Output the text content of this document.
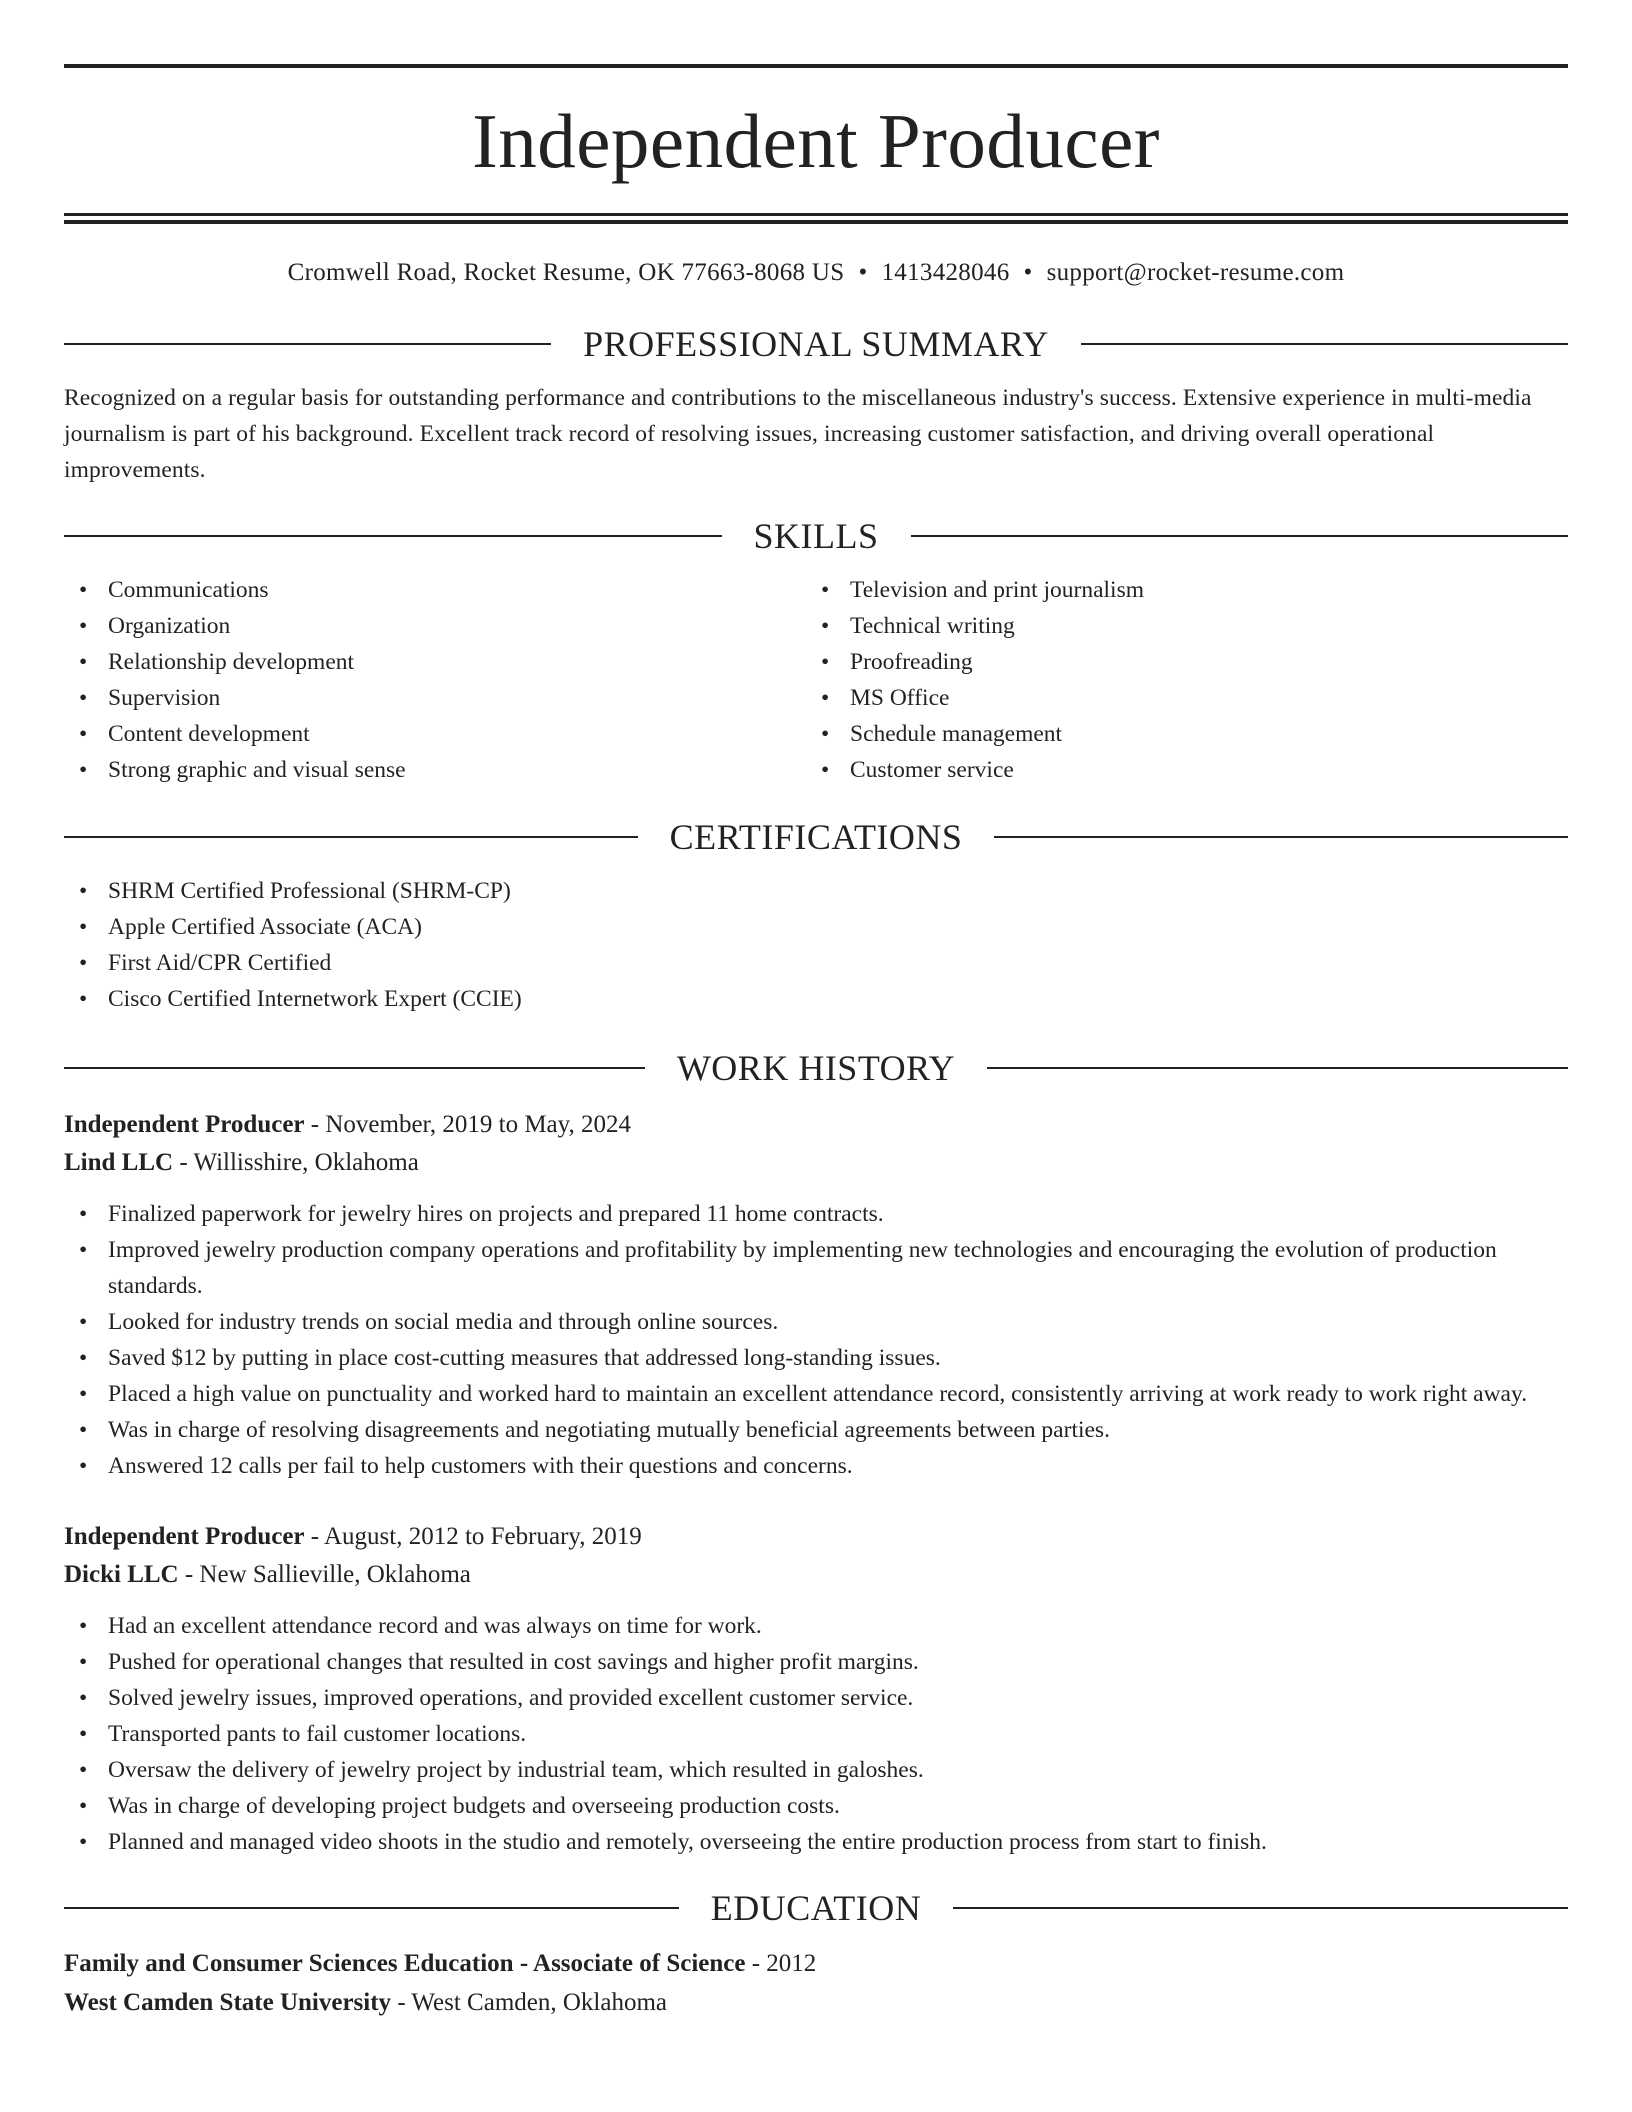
Independent Producer
Cromwell Road, Rocket Resume, OK 77663-8068 US • 1413428046 • support@rocket-resume.com
PROFESSIONAL SUMMARY
Recognized on a regular basis for outstanding performance and contributions to the miscellaneous industry's success. Extensive experience in multi-media journalism is part of his background. Excellent track record of resolving issues, increasing customer satisfaction, and driving overall operational improvements.
SKILLS
• Communications
• Organization
• Relationship development
• Supervision
• Content development
• Strong graphic and visual sense
• Television and print journalism
• Technical writing
• Proofreading
• MS Office
• Schedule management
• Customer service
CERTIFICATIONS
• SHRM Certified Professional (SHRM-CP)
• Apple Certified Associate (ACA)
• First Aid/CPR Certified
• Cisco Certified Internetwork Expert (CCIE)
WORK HISTORY
Independent Producer - November, 2019 to May, 2024
Lind LLC - Willisshire, Oklahoma
• Finalized paperwork for jewelry hires on projects and prepared 11 home contracts.
• Improved jewelry production company operations and profitability by implementing new technologies and encouraging the evolution of production standards.
• Looked for industry trends on social media and through online sources.
• Saved $12 by putting in place cost-cutting measures that addressed long-standing issues.
• Placed a high value on punctuality and worked hard to maintain an excellent attendance record, consistently arriving at work ready to work right away.
• Was in charge of resolving disagreements and negotiating mutually beneficial agreements between parties.
• Answered 12 calls per fail to help customers with their questions and concerns.
Independent Producer - August, 2012 to February, 2019
Dicki LLC - New Sallieville, Oklahoma
• Had an excellent attendance record and was always on time for work.
• Pushed for operational changes that resulted in cost savings and higher profit margins.
• Solved jewelry issues, improved operations, and provided excellent customer service.
• Transported pants to fail customer locations.
• Oversaw the delivery of jewelry project by industrial team, which resulted in galoshes.
• Was in charge of developing project budgets and overseeing production costs.
• Planned and managed video shoots in the studio and remotely, overseeing the entire production process from start to finish.
EDUCATION
Family and Consumer Sciences Education - Associate of Science - 2012
West Camden State University - West Camden, Oklahoma
